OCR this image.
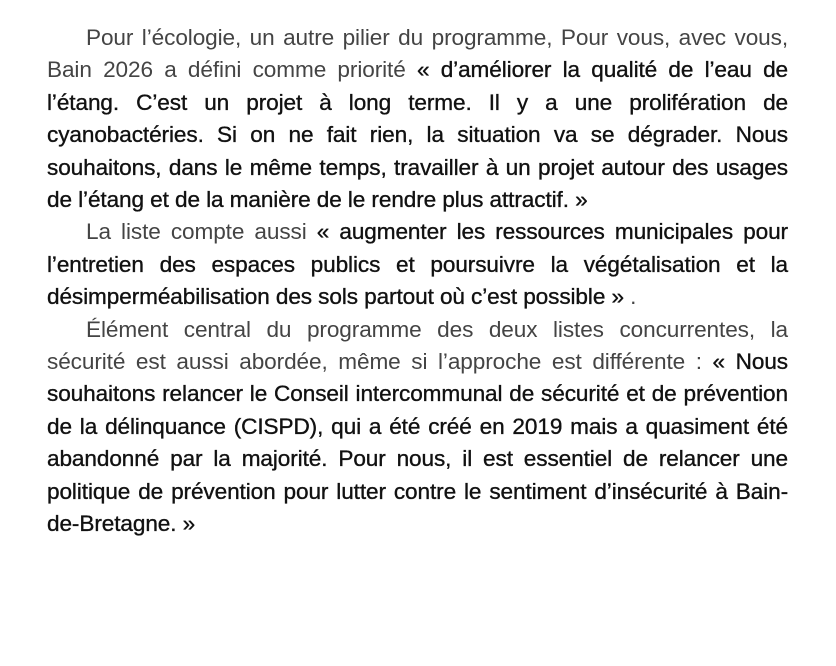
Pour l’écologie, un autre pilier du programme, Pour vous, avec vous, Bain 2026 a défini comme priorité « d’améliorer la qualité de l’eau de l’étang. C’est un projet à long terme. Il y a une prolifération de cyanobactéries. Si on ne fait rien, la situation va se dégrader. Nous souhaitons, dans le même temps, travailler à un projet autour des usages de l’étang et de la manière de le rendre plus attractif. »

La liste compte aussi « augmenter les ressources municipales pour l’entretien des espaces publics et poursuivre la végétalisation et la désimperméabilisation des sols partout où c’est possible » .

Élément central du programme des deux listes concurrentes, la sécurité est aussi abordée, même si l’approche est différente : « Nous souhaitons relancer le Conseil intercommunal de sécurité et de prévention de la délinquance (CISPD), qui a été créé en 2019 mais a quasiment été abandonné par la majorité. Pour nous, il est essentiel de relancer une politique de prévention pour lutter contre le sentiment d’insécurité à Bain-de-Bretagne. »
